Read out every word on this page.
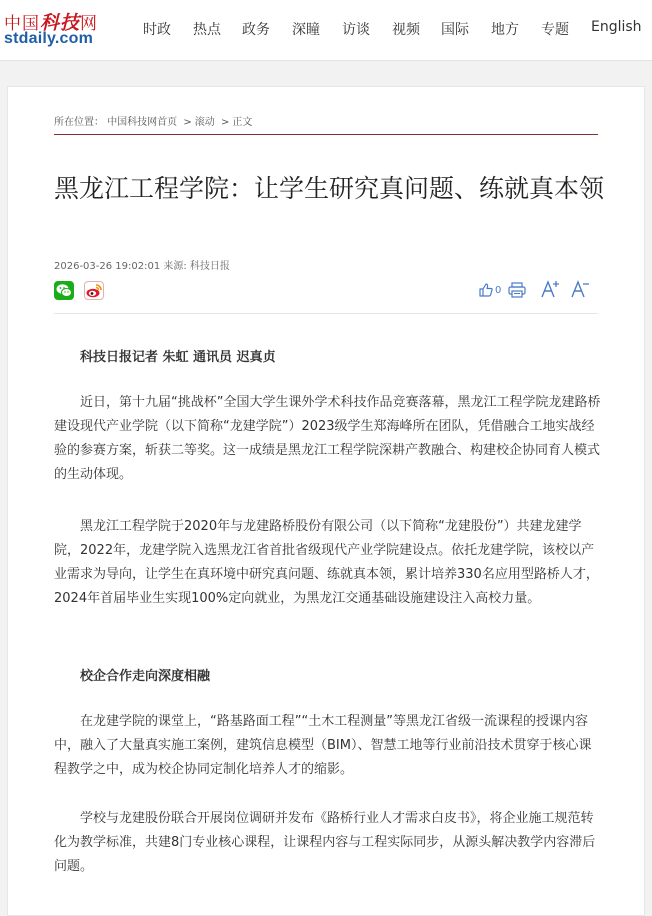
中国科技网
stdaily.com	时政 热点 政务 深瞳 访谈 视频 国际 地方 专题 English
所在位置： 中国科技网首页 > 滚动 > 正文
黑龙江工程学院：让学生研究真问题、练就真本领
2026-03-26 19:02:01 来源: 科技日报
0

科技日报记者 朱虹 通讯员 迟真贞

近日，第十九届“挑战杯”全国大学生课外学术科技作品竞赛落幕，黑龙江工程学院龙建路桥建设现代产业学院（以下简称“龙建学院”）2023级学生郑海峰所在团队，凭借融合工地实战经验的参赛方案，斩获二等奖。这一成绩是黑龙江工程学院深耕产教融合、构建校企协同育人模式的生动体现。

黑龙江工程学院于2020年与龙建路桥股份有限公司（以下简称“龙建股份”）共建龙建学院，2022年，龙建学院入选黑龙江省首批省级现代产业学院建设点。依托龙建学院，该校以产业需求为导向，让学生在真环境中研究真问题、练就真本领，累计培养330名应用型路桥人才，2024年首届毕业生实现100%定向就业，为黑龙江交通基础设施建设注入高校力量。

校企合作走向深度相融

在龙建学院的课堂上，“路基路面工程”“土木工程测量”等黑龙江省级一流课程的授课内容中，融入了大量真实施工案例，建筑信息模型（BIM）、智慧工地等行业前沿技术贯穿于核心课程教学之中，成为校企协同定制化培养人才的缩影。

学校与龙建股份联合开展岗位调研并发布《路桥行业人才需求白皮书》，将企业施工规范转化为教学标准，共建8门专业核心课程，让课程内容与工程实际同步，从源头解决教学内容滞后问题。
